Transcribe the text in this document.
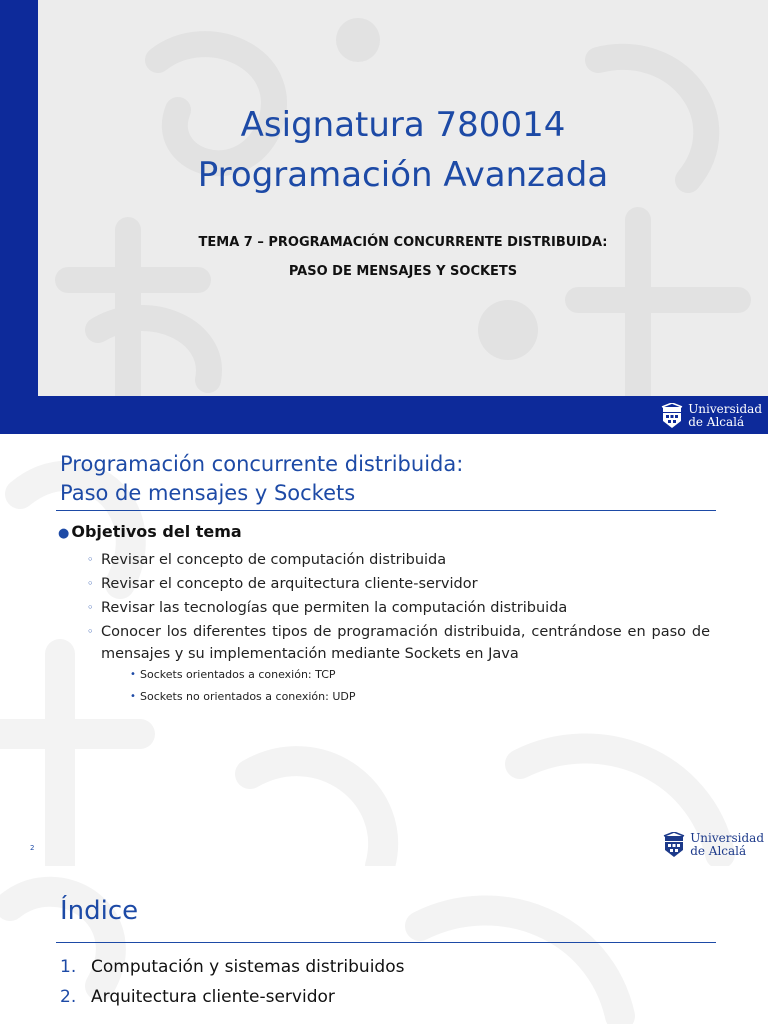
Asignatura 780014
Programación Avanzada
TEMA 7 – PROGRAMACIÓN CONCURRENTE DISTRIBUIDA:
PASO DE MENSAJES Y SOCKETS
Universidad
de Alcalá
Programación concurrente distribuida:
Paso de mensajes y Sockets
● Objetivos del tema
◦ Revisar el concepto de computación distribuida
◦ Revisar el concepto de arquitectura cliente-servidor
◦ Revisar las tecnologías que permiten la computación distribuida
◦ Conocer los diferentes tipos de programación distribuida, centrándose en paso de mensajes y su implementación mediante Sockets en Java
• Sockets orientados a conexión: TCP
• Sockets no orientados a conexión: UDP
2
Universidad
de Alcalá
Índice
1. Computación y sistemas distribuidos
2. Arquitectura cliente-servidor
